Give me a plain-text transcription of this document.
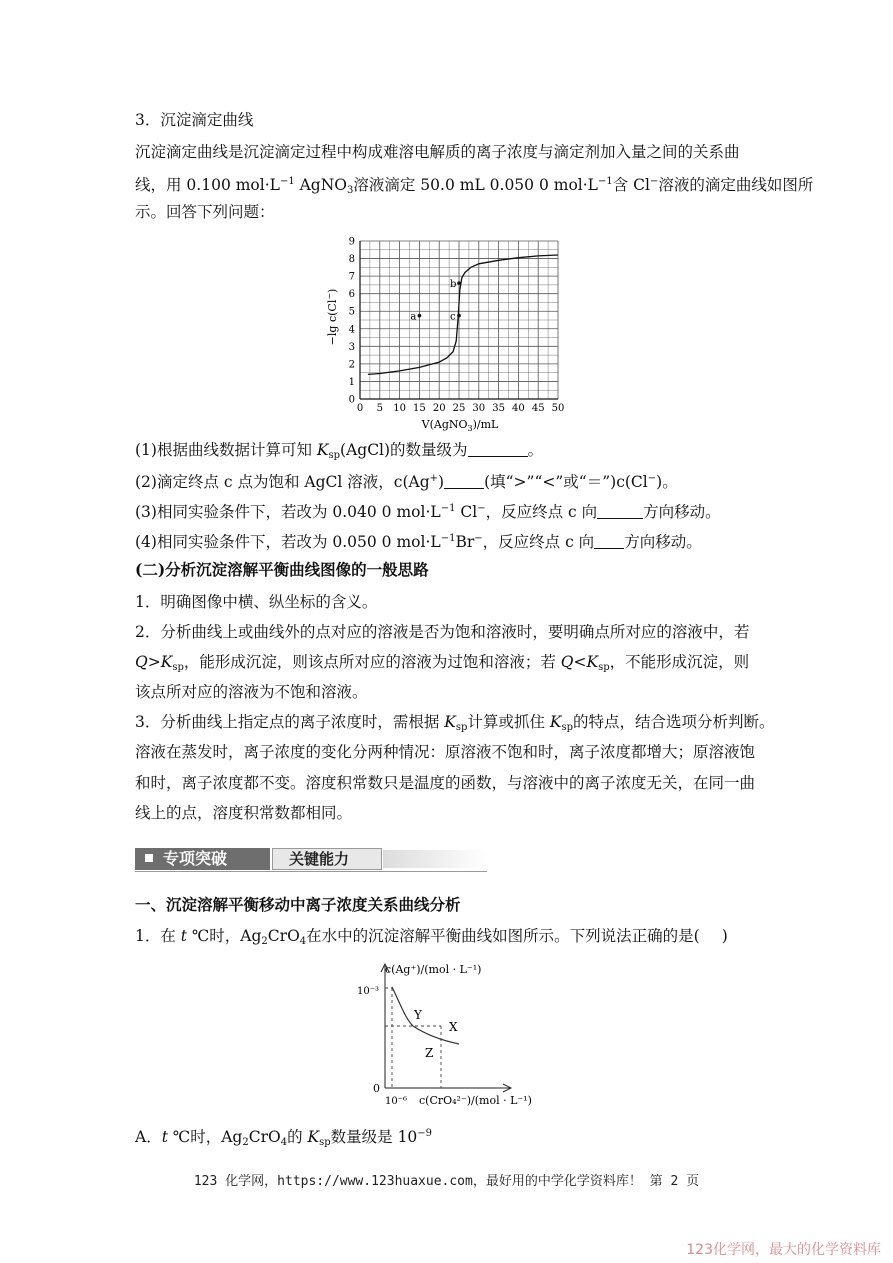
3．沉淀滴定曲线
沉淀滴定曲线是沉淀滴定过程中构成难溶电解质的离子浓度与滴定剂加入量之间的关系曲
线，用 0.100 $mol\cdot L^{-1}$ AgNO$_3$溶液滴定 50.0 mL 0.050 0 $mol\cdot L^{-1}$含 Cl−溶液的滴定曲线如图所
示。回答下列问题：
a
b
c
0 5 10 15 20 25 30 35 40 45 50
0
1
2
3
4
5
6
7
8
9
V(AgNO$_3$)/mL
−lg c(Cl−)
(1)根据曲线数据计算可知 $K_{sp}(AgCl)$的数量级为	。
(2)滴定终点 c 点为饱和 AgCl 溶液，c(Ag+)	(填“>”“<”或“＝”)c(Cl−)。
(3)相同实验条件下，若改为 0.040 0 $mol\cdot L^{-1}$ Cl−，反应终点 c 向	方向移动。
(4)相同实验条件下，若改为 0.050 0 $mol\cdot L^{-1}Br^-$，反应终点 c 向 方向移动。
(二)分析沉淀溶解平衡曲线图像的一般思路
1．明确图像中横、纵坐标的含义。
2．分析曲线上或曲线外的点对应的溶液是否为饱和溶液时，要明确点所对应的溶液中，若
$Q>K_{sp}$，能形成沉淀，则该点所对应的溶液为过饱和溶液；若 $Q<K_{sp}$，不能形成沉淀，则
该点所对应的溶液为不饱和溶液。
3．分析曲线上指定点的离子浓度时，需根据 $K_{sp}$计算或抓住 $K_{sp}$的特点，结合选项分析判断。
溶液在蒸发时，离子浓度的变化分两种情况：原溶液不饱和时，离子浓度都增大；原溶液饱
和时，离子浓度都不变。溶度积常数只是温度的函数，与溶液中的离子浓度无关，在同一曲
线上的点，溶度积常数都相同。
专项突破	关键能力
一、沉淀溶解平衡移动中离子浓度关系曲线分析
1．在 t ℃时，$Ag_2CrO_4$在水中的沉淀溶解平衡曲线如图所示。下列说法正确的是( )
c(Ag⁺)/(mol · L⁻¹)
c(CrO₄²⁻)/(mol · L⁻¹)
10⁻³
10⁻⁶
0
Y
X
Z
A．t ℃时，$Ag_2CrO_4$的 $K_{sp}$数量级是 $10^{-9}$
123 化学网，https://www.123huaxue.com，最好用的中学化学资料库！ 第 2 页
123化学网，最大的化学资料库
